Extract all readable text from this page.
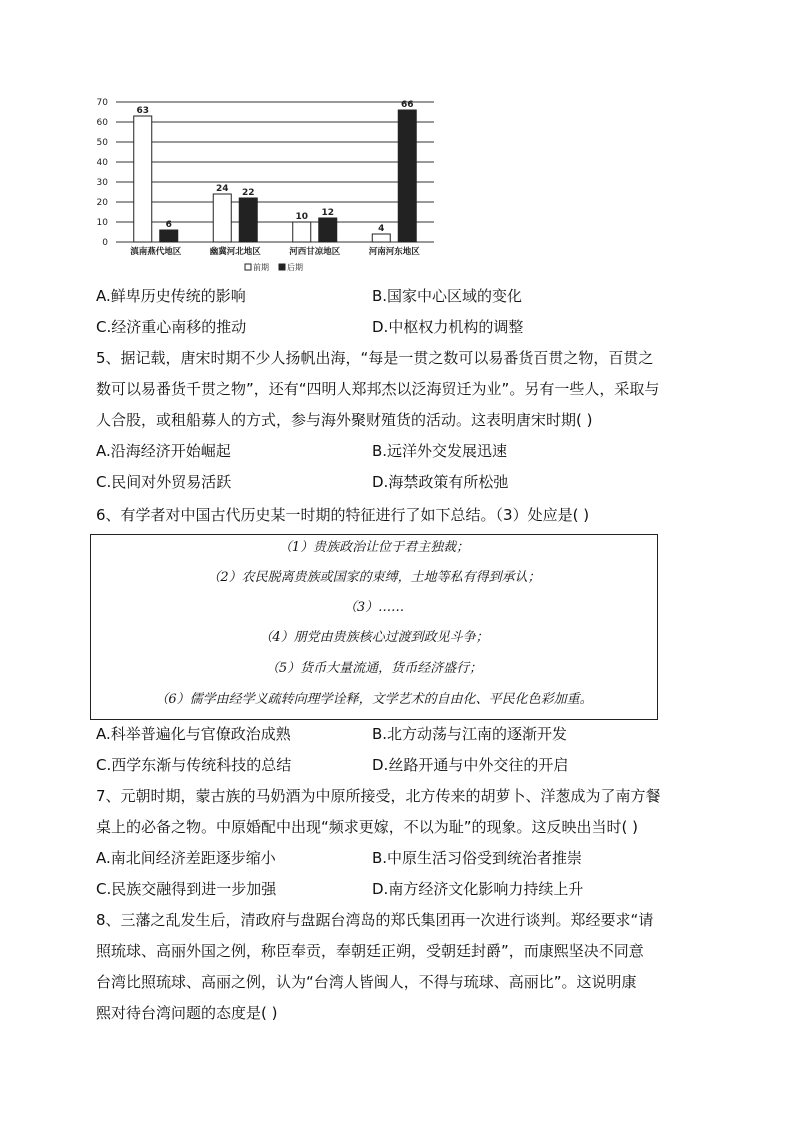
0
10
20
30
40
50
60
70
63
6
滇南燕代地区
24 22
幽冀河北地区
10 12
河西甘凉地区
4
66
河南河东地区
前期 后期
A.鲜卑历史传统的影响	B.国家中心区域的变化
C.经济重心南移的推动	D.中枢权力机构的调整
5、据记载，唐宋时期不少人扬帆出海，“每是一贯之数可以易番货百贯之物，百贯之
数可以易番货千贯之物”，还有“四明人郑邦杰以泛海贸迁为业”。另有一些人，采取与
人合股，或租船募人的方式，参与海外聚财殖货的活动。这表明唐宋时期( )
A.沿海经济开始崛起	B.远洋外交发展迅速
C.民间对外贸易活跃	D.海禁政策有所松弛
6、有学者对中国古代历史某一时期的特征进行了如下总结。（3）处应是( )
（1）贵族政治让位于君主独裁；
（2）农民脱离贵族或国家的束缚，土地等私有得到承认；
（3）……
（4）朋党由贵族核心过渡到政见斗争；
（5）货币大量流通，货币经济盛行；
（6）儒学由经学义疏转向理学诠释，文学艺术的自由化、平民化色彩加重。
A.科举普遍化与官僚政治成熟	B.北方动荡与江南的逐渐开发
C.西学东渐与传统科技的总结	D.丝路开通与中外交往的开启
7、元朝时期，蒙古族的马奶酒为中原所接受，北方传来的胡萝卜、洋葱成为了南方餐
桌上的必备之物。中原婚配中出现“频求更嫁，不以为耻”的现象。这反映出当时( )
A.南北间经济差距逐步缩小	B.中原生活习俗受到统治者推崇
C.民族交融得到进一步加强	D.南方经济文化影响力持续上升
8、三藩之乱发生后，清政府与盘踞台湾岛的郑氏集团再一次进行谈判。郑经要求“请
照琉球、高丽外国之例，称臣奉贡，奉朝廷正朔，受朝廷封爵”，而康熙坚决不同意
台湾比照琉球、高丽之例，认为“台湾人皆闽人，不得与琉球、高丽比”。这说明康
熙对待台湾问题的态度是( )
